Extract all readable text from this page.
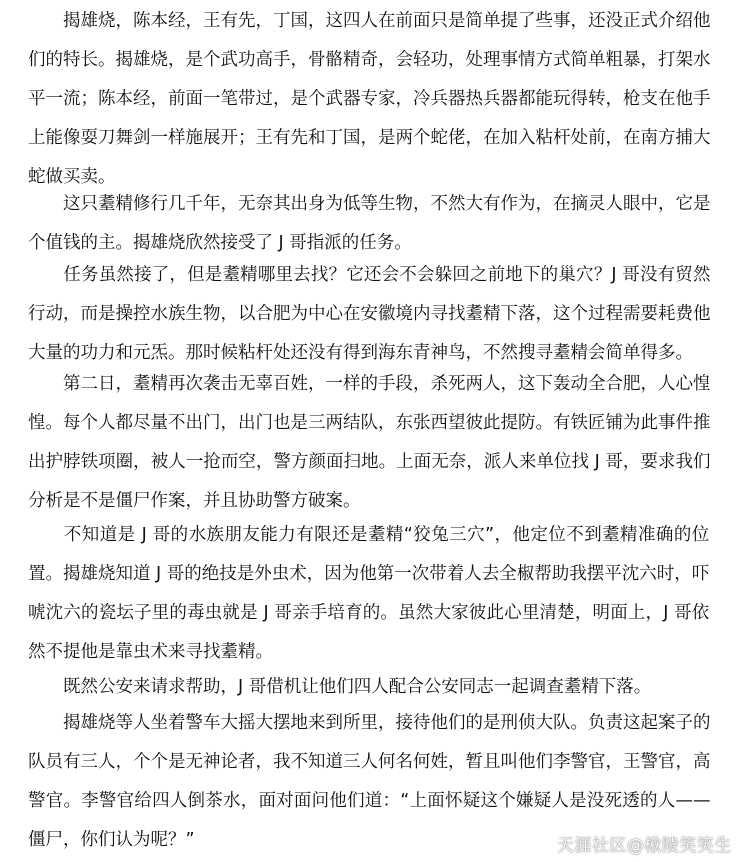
　　揭雄烧，陈本经，王有先，丁国，这四人在前面只是简单提了些事，还没正式介绍他
们的特长。揭雄烧，是个武功高手，骨骼精奇，会轻功，处理事情方式简单粗暴，打架水
平一流；陈本经，前面一笔带过，是个武器专家，冷兵器热兵器都能玩得转，枪支在他手
上能像耍刀舞剑一样施展开；王有先和丁国，是两个蛇佬，在加入粘杆处前，在南方捕大
蛇做买卖。
　　这只耋精修行几千年，无奈其出身为低等生物，不然大有作为，在摘灵人眼中，它是
个值钱的主。揭雄烧欣然接受了 J 哥指派的任务。
　　任务虽然接了，但是耋精哪里去找？它还会不会躲回之前地下的巢穴？J 哥没有贸然
行动，而是操控水族生物，以合肥为中心在安徽境内寻找耋精下落，这个过程需要耗费他
大量的功力和元炁。那时候粘杆处还没有得到海东青神鸟，不然搜寻耋精会简单得多。
　　第二日，耋精再次袭击无辜百姓，一样的手段，杀死两人，这下轰动全合肥，人心惶
惶。每个人都尽量不出门，出门也是三两结队，东张西望彼此提防。有铁匠铺为此事件推
出护脖铁项圈，被人一抢而空，警方颜面扫地。上面无奈，派人来单位找 J 哥，要求我们
分析是不是僵尸作案，并且协助警方破案。
　　不知道是 J 哥的水族朋友能力有限还是耋精“狡兔三穴”，他定位不到耋精准确的位
置。揭雄烧知道 J 哥的绝技是外虫术，因为他第一次带着人去全椒帮助我摆平沈六时，吓
唬沈六的瓷坛子里的毒虫就是 J 哥亲手培育的。虽然大家彼此心里清楚，明面上，J 哥依
然不提他是靠虫术来寻找耋精。
　　既然公安来请求帮助，J 哥借机让他们四人配合公安同志一起调查耋精下落。
　　揭雄烧等人坐着警车大摇大摆地来到所里，接待他们的是刑侦大队。负责这起案子的
队员有三人，个个是无神论者，我不知道三人何名何姓，暂且叫他们李警官，王警官，高
警官。李警官给四人倒茶水，面对面问他们道：“上面怀疑这个嫌疑人是没死透的人——
僵尸，你们认为呢？”	天涯社区@楸陵笑笑生
